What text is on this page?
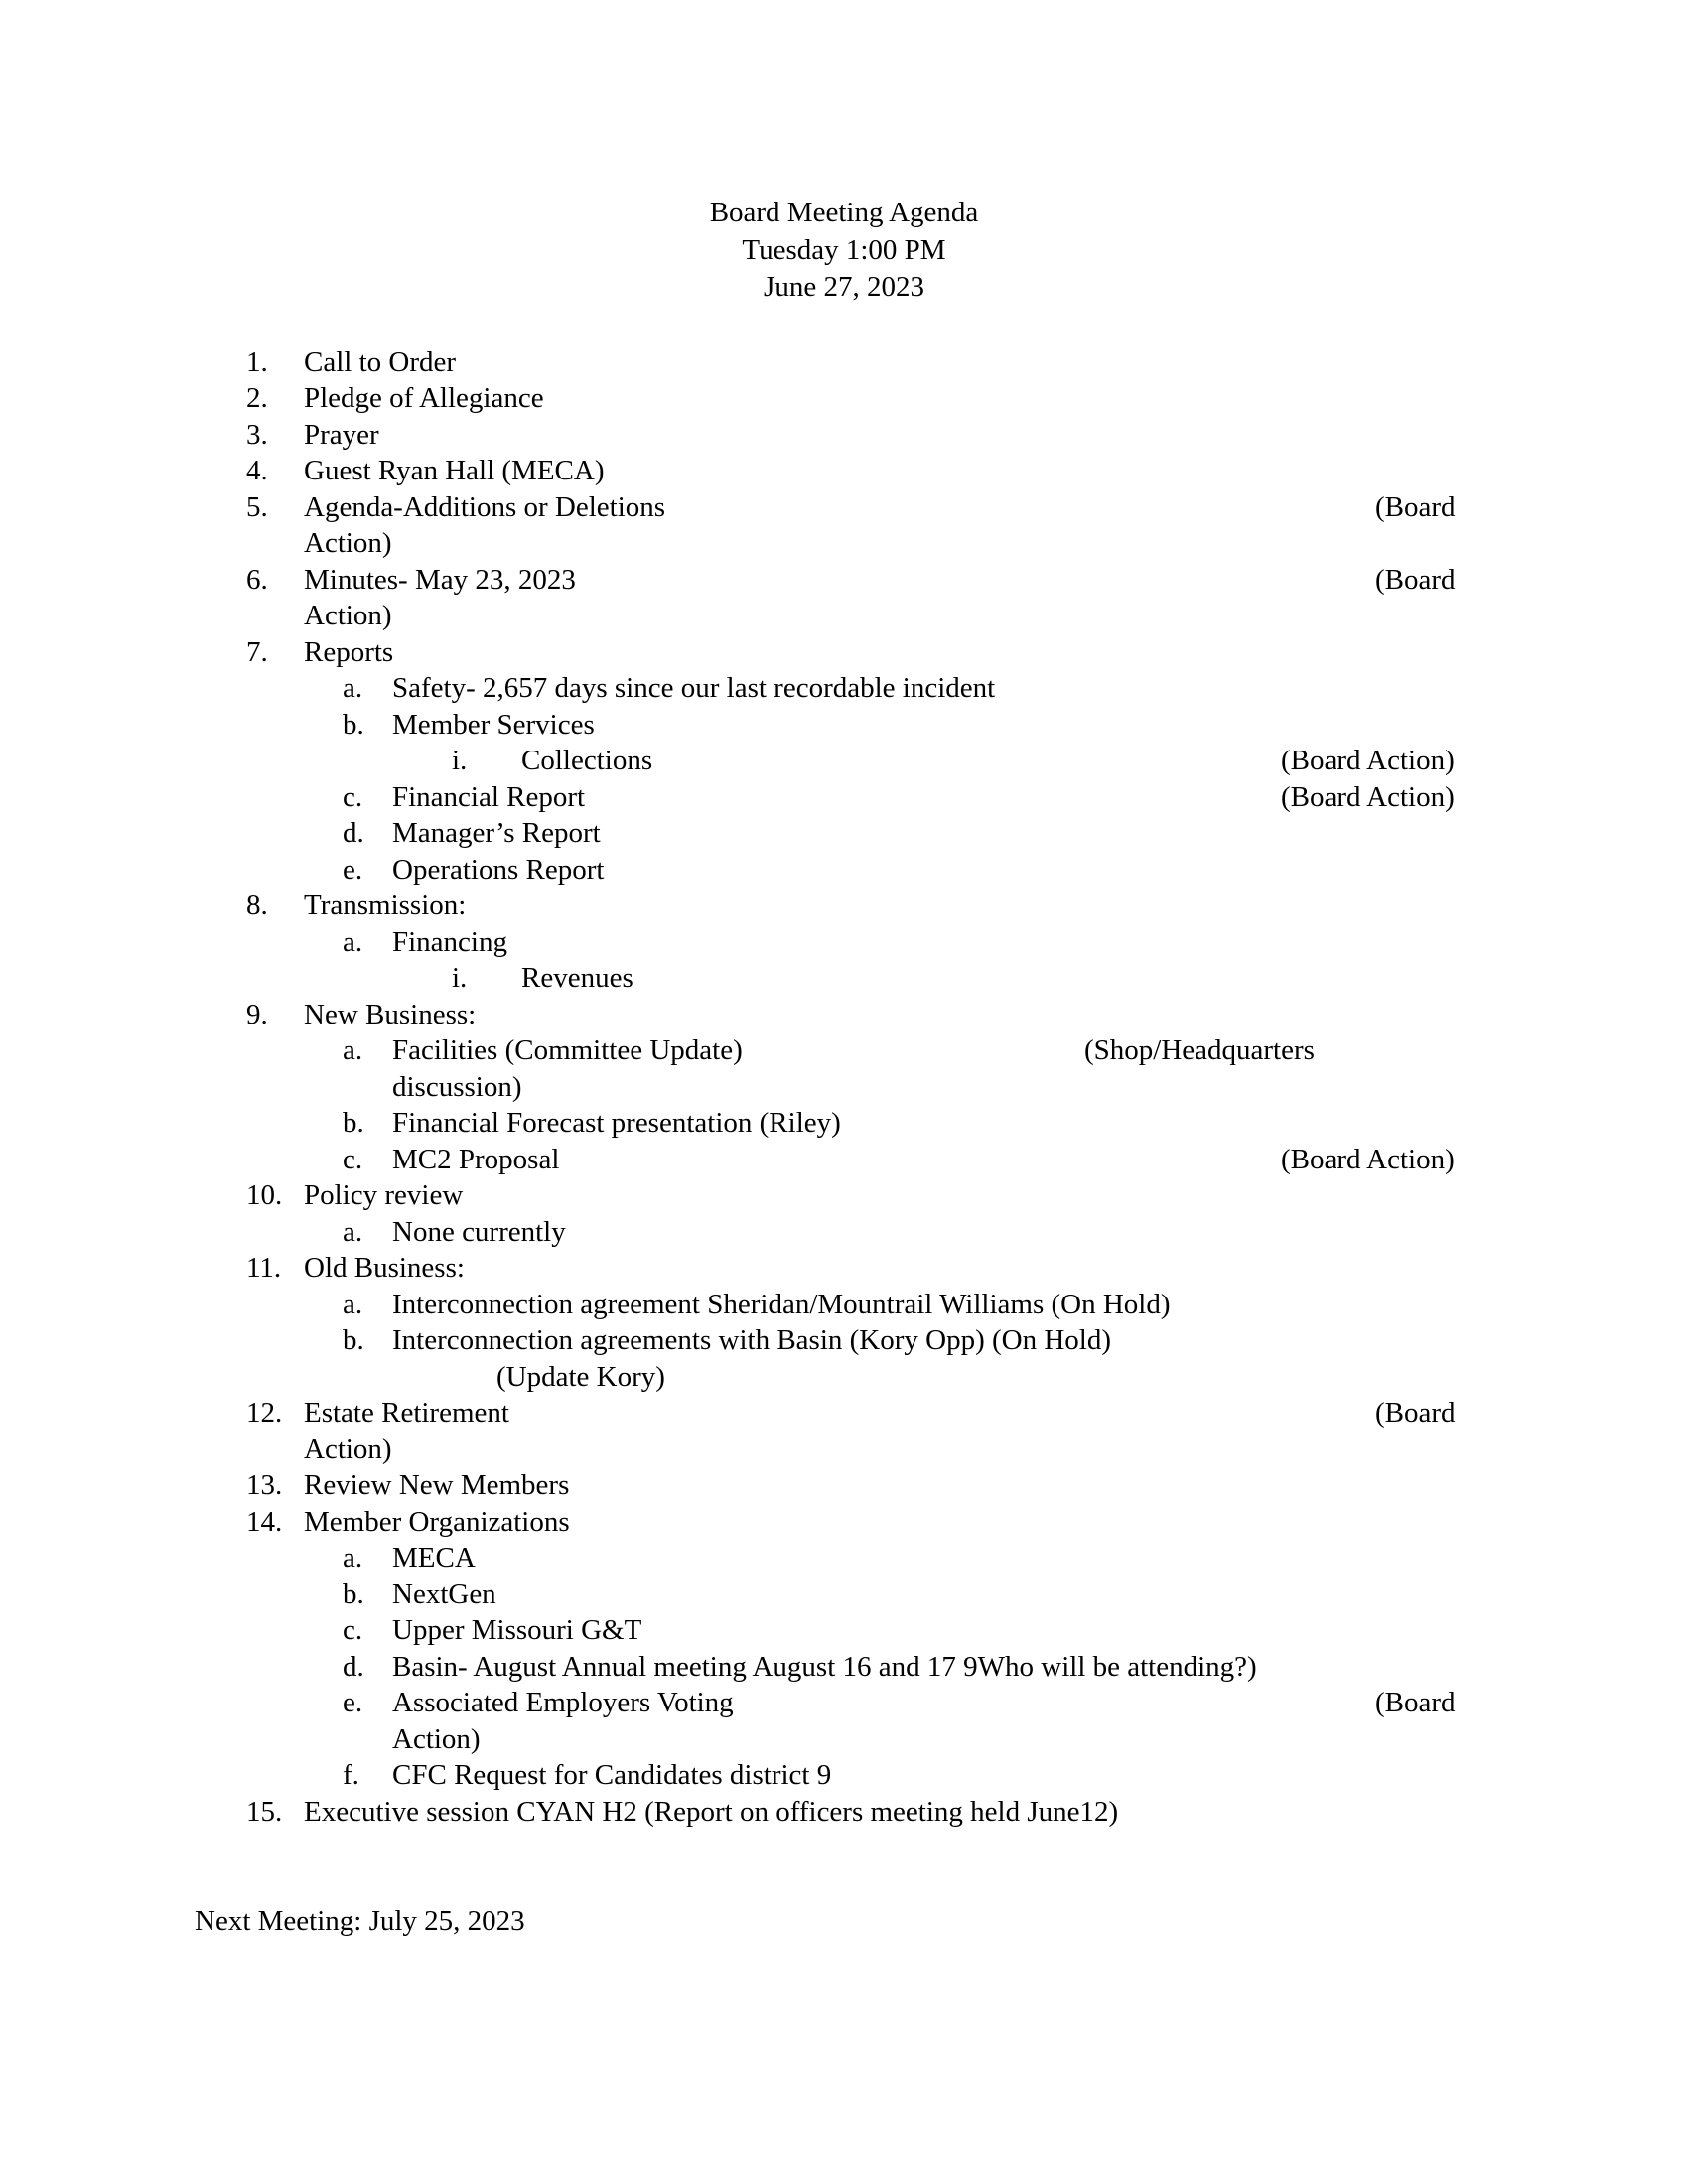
Board Meeting Agenda
Tuesday 1:00 PM
June 27, 2023
1.	Call to Order
2.	Pledge of Allegiance
3.	Prayer
4.	Guest Ryan Hall (MECA)
5.	Agenda-Additions or Deletions	(Board
Action)
6.	Minutes- May 23, 2023	(Board
Action)
7.	Reports
a.	Safety- 2,657 days since our last recordable incident
b. Member Services
i.	Collections	(Board Action)
c.	Financial Report	(Board Action)
d. Manager’s Report
e.	Operations Report
8.	Transmission:
a.	Financing
i.	Revenues
9.	New Business:
a.	Facilities (Committee Update)	(Shop/Headquarters
discussion)
b. Financial Forecast presentation (Riley)
c.	MC2 Proposal	(Board Action)
10. Policy review
a.	None currently
11. Old Business:
a.	Interconnection agreement Sheridan/Mountrail Williams (On Hold)
b. Interconnection agreements with Basin (Kory Opp) (On Hold)
(Update Kory)
12. Estate Retirement	(Board
Action)
13. Review New Members
14. Member Organizations
a.	MECA
b. NextGen
c.	Upper Missouri G&T
d. Basin- August Annual meeting August 16 and 17 9Who will be attending?)
e.	Associated Employers Voting	(Board
Action)
f.	CFC Request for Candidates district 9
15. Executive session CYAN H2 (Report on officers meeting held June12)
Next Meeting: July 25, 2023
